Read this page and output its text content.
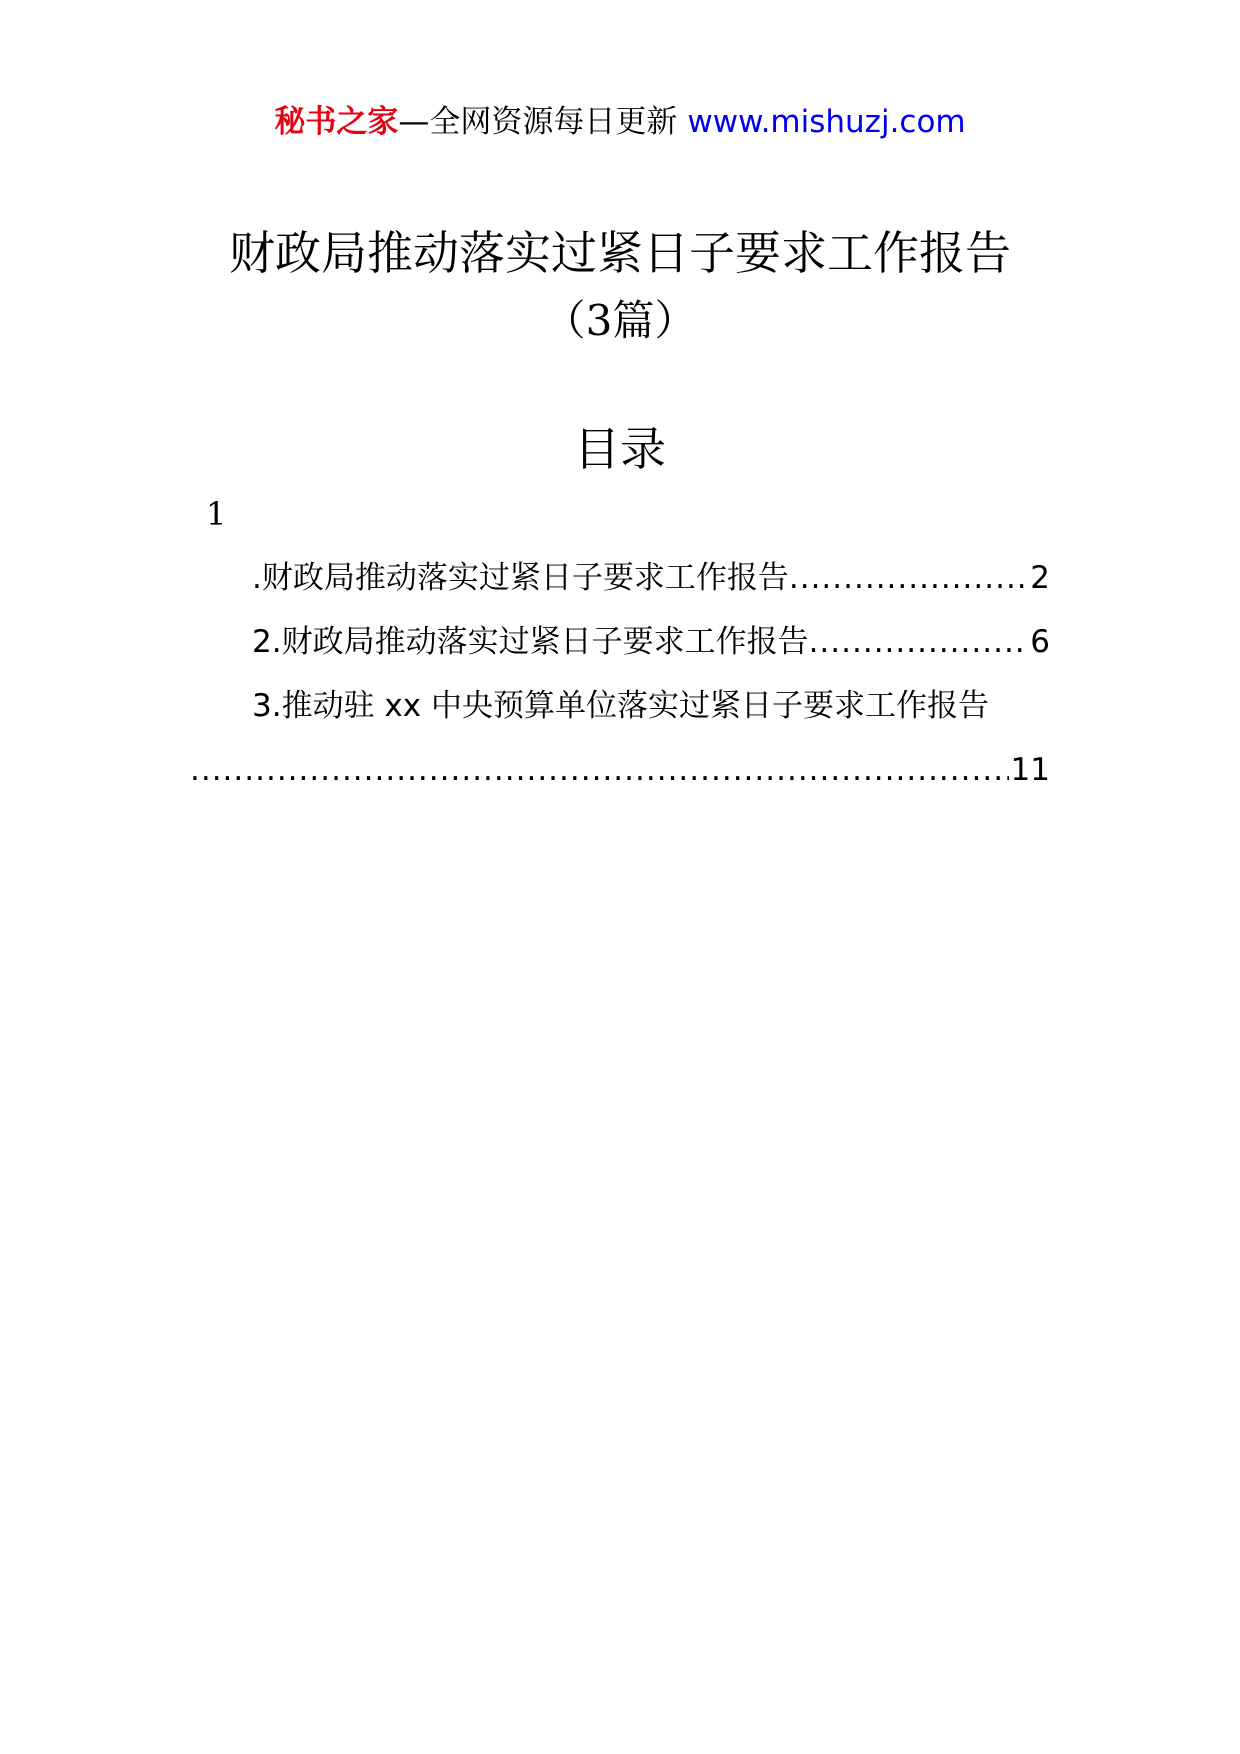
秘书之家—全网资源每日更新 www.mishuzj.com
财政局推动落实过紧日子要求工作报告
（3篇）
目录
1
.财政局推动落实过紧日子要求工作报告 .....	2
2.财政局推动落实过紧日子要求工作报告 .....	6
3.推动驻 xx 中央预算单位落实过紧日子要求工作报告
.....
11
